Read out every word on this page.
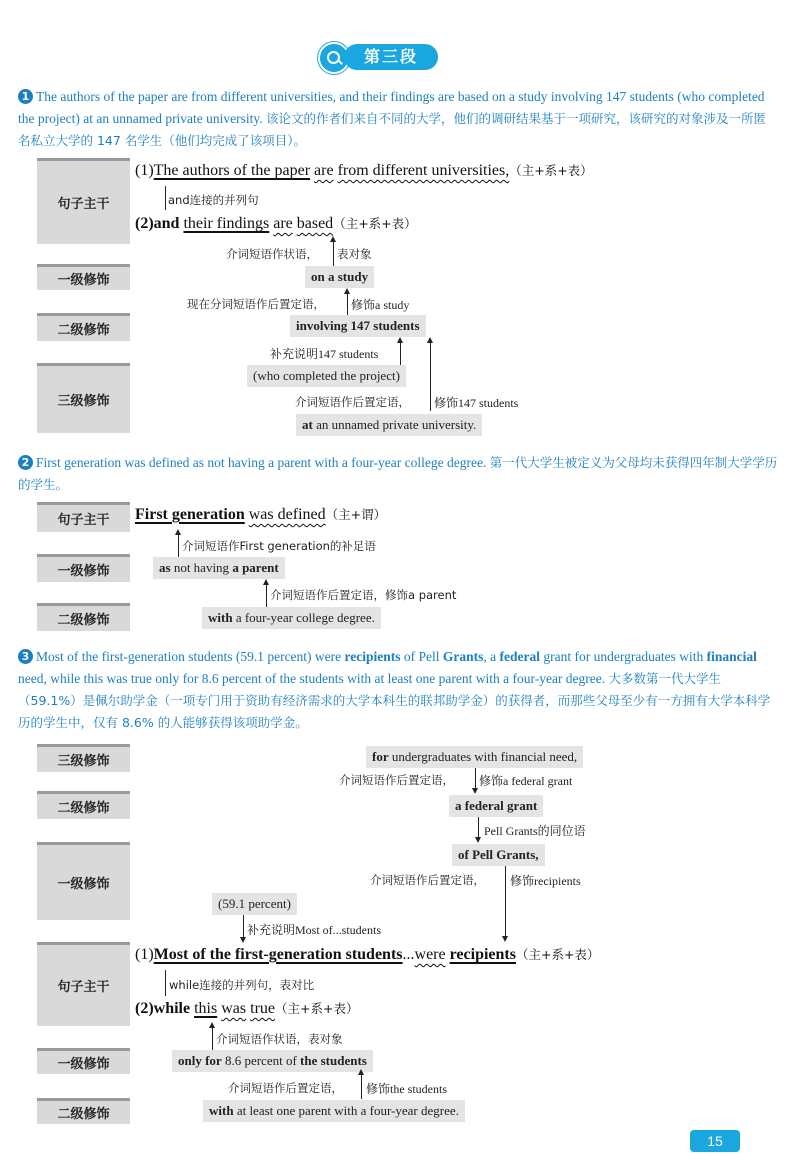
第三段
1 The authors of the paper are from different universities, and their findings are based on a study involving 147 students (who completed the project) at an unnamed private university. 该论文的作者们来自不同的大学，他们的调研结果基于一项研究，该研究的对象涉及一所匿名私立大学的 147 名学生（他们均完成了该项目）。
句子主干
一级修饰
二级修饰
三级修饰
(1)The authors of the paper are from different universities,（主+系+表）
and连接的并列句
(2)and their findings are based（主+系+表）
介词短语作状语， 表对象
on a study
现在分词短语作后置定语， 修饰a study
involving 147 students
补充说明147 students
(who completed the project)
介词短语作后置定语， 修饰147 students
at an unnamed private university.
2 First generation was defined as not having a parent with a four-year college degree. 第一代大学生被定义为父母均未获得四年制大学学历的学生。
句子主干
一级修饰
二级修饰
First generation was defined（主+谓）
介词短语作First generation的补足语
as not having a parent
介词短语作后置定语，修饰a parent
with a four-year college degree.
3 Most of the first-generation students (59.1 percent) were recipients of Pell Grants, a federal grant for undergraduates with financial need, while this was true only for 8.6 percent of the students with at least one parent with a four-year degree. 大多数第一代大学生（59.1%）是佩尔助学金（一项专门用于资助有经济需求的大学本科生的联邦助学金）的获得者，而那些父母至少有一方拥有大学本科学历的学生中，仅有 8.6% 的人能够获得该项助学金。
三级修饰
二级修饰
一级修饰
句子主干
一级修饰
二级修饰
for undergraduates with financial need,
介词短语作后置定语， 修饰a federal grant
a federal grant
Pell Grants的同位语
of Pell Grants,
介词短语作后置定语， 修饰recipients
(59.1 percent)
补充说明Most of...students
(1)Most of the first-generation students...were recipients（主+系+表）
while连接的并列句，表对比
(2)while this was true（主+系+表）
介词短语作状语，表对象
only for 8.6 percent of the students
介词短语作后置定语， 修饰the students
with at least one parent with a four-year degree.
15
